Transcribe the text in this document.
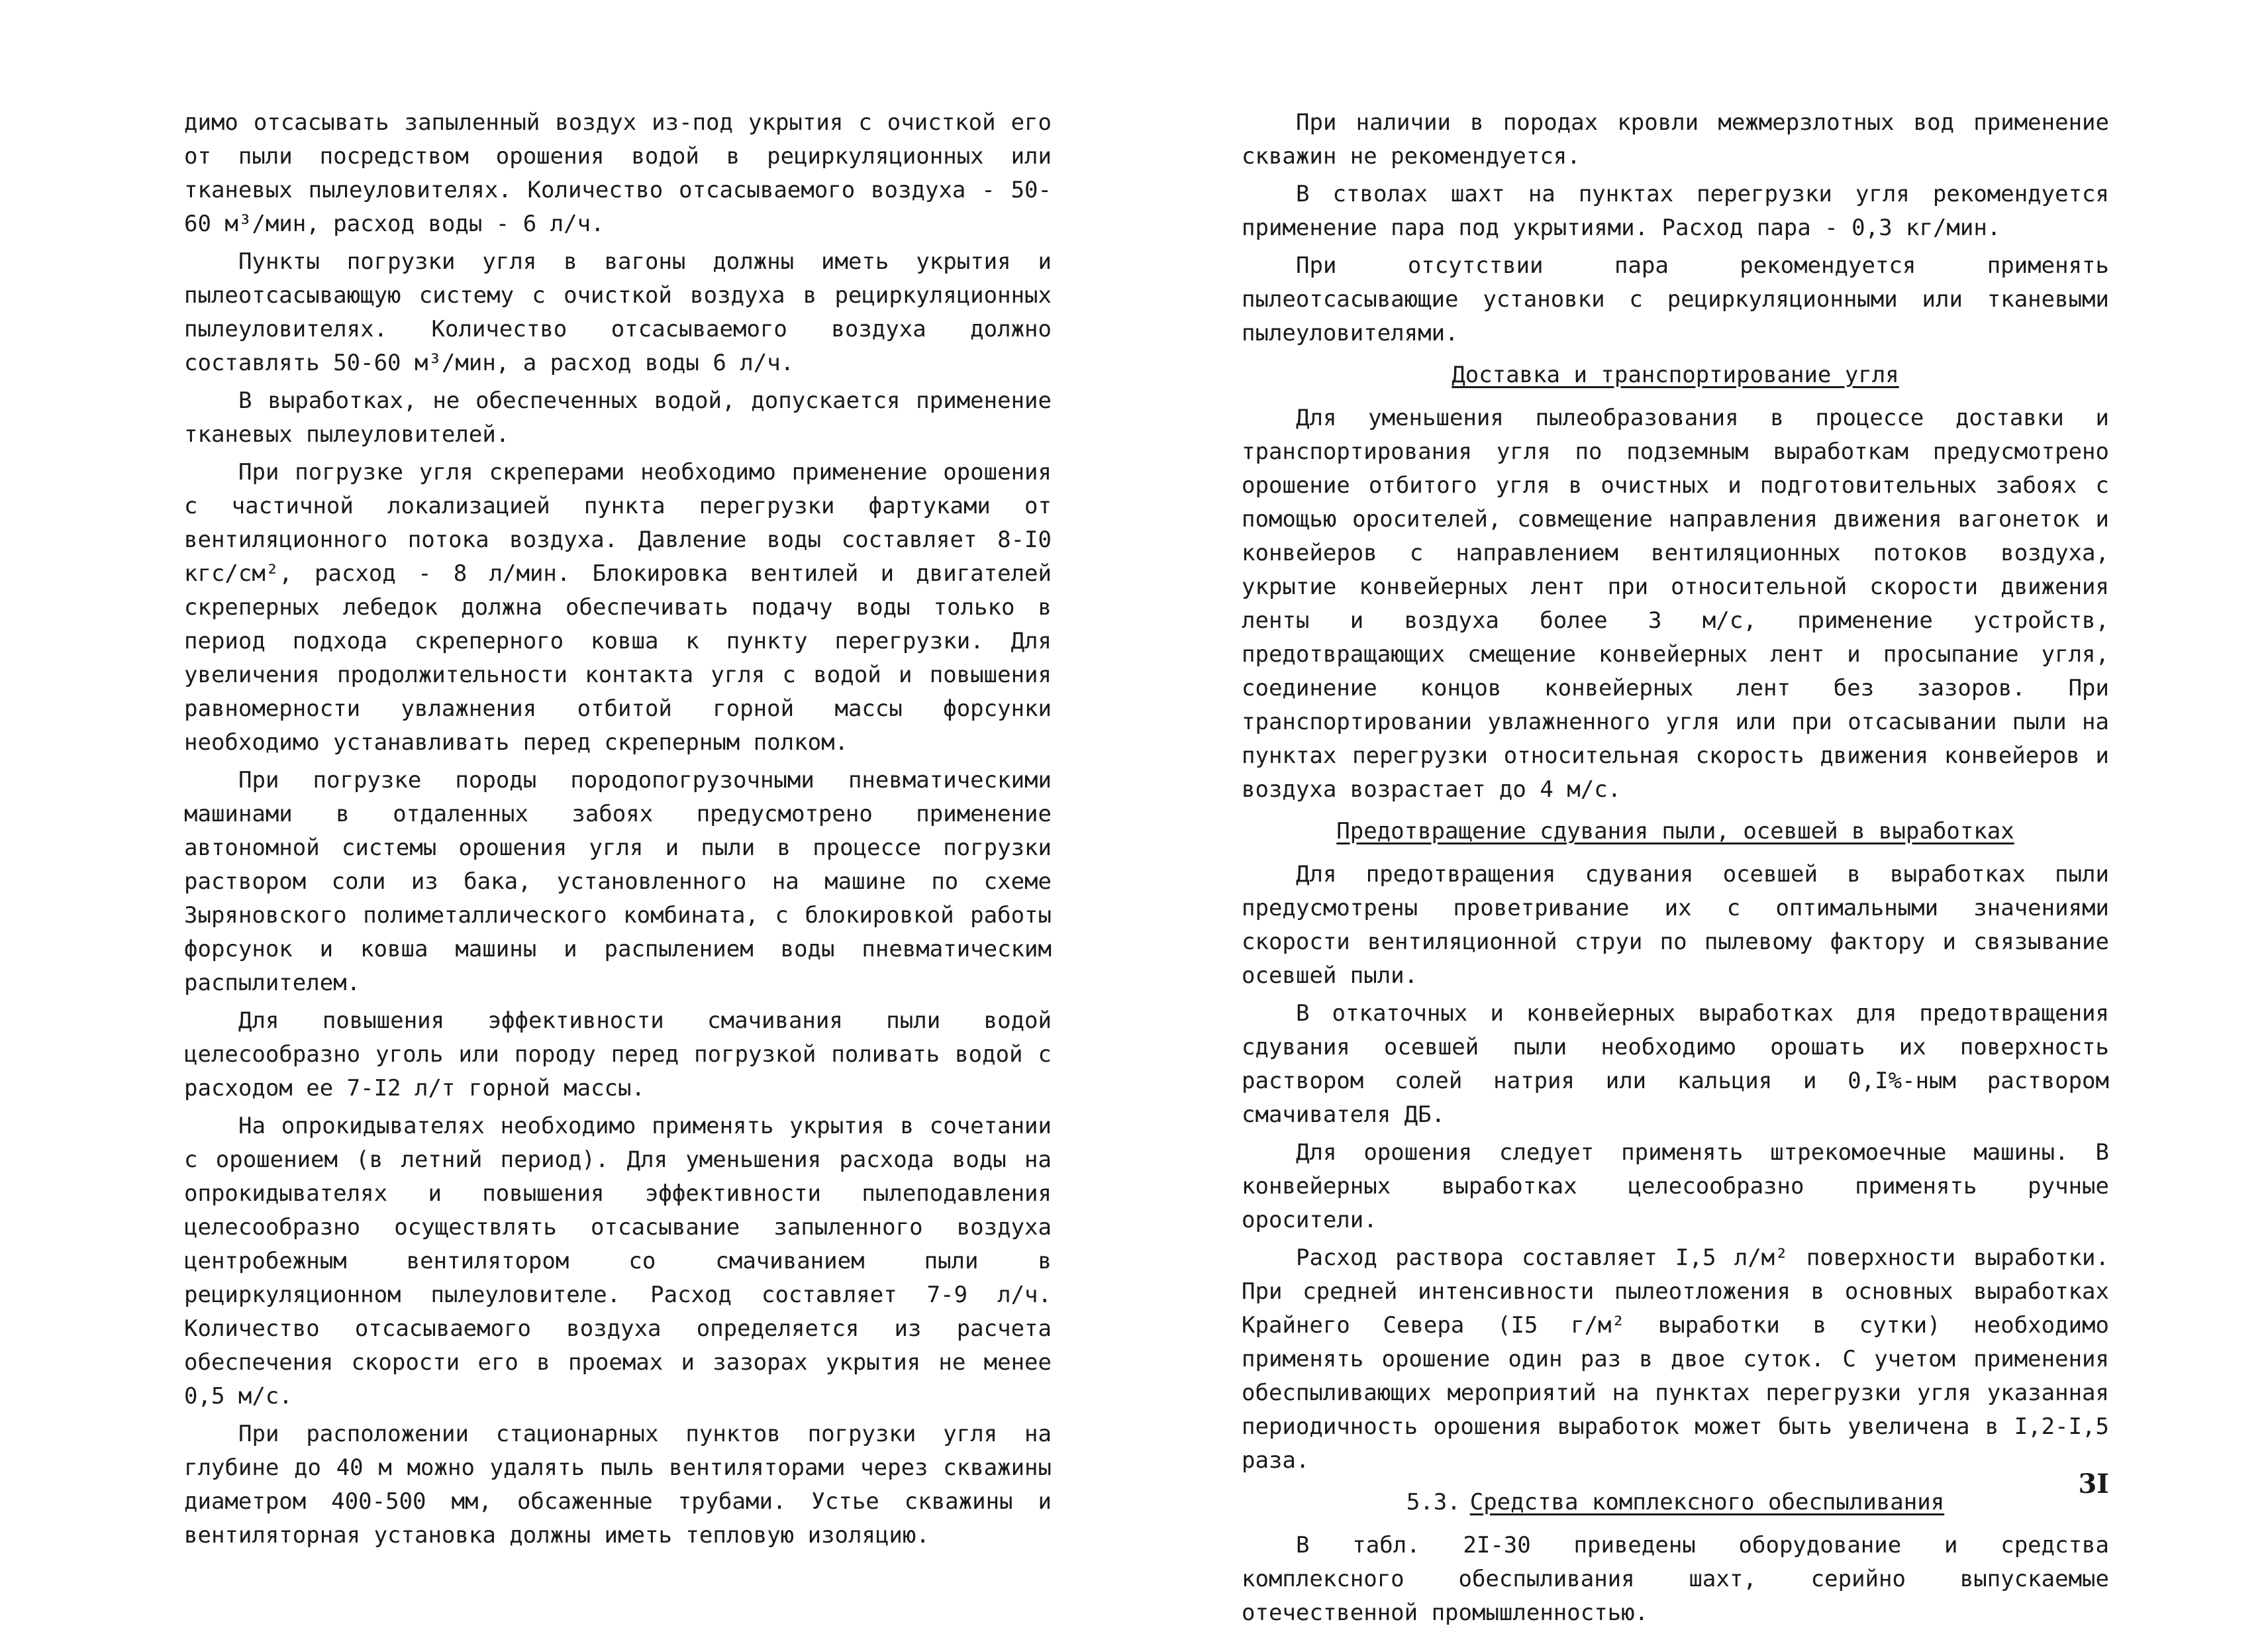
димо отсасывать запыленный воздух из-под укрытия с очисткой его от пыли посредством орошения водой в рециркуляционных или тканевых пылеуловителях. Количество отсасываемого воздуха - 50-60 м³/мин, расход воды - 6 л/ч.

Пункты погрузки угля в вагоны должны иметь укрытия и пылеотсасывающую систему с очисткой воздуха в рециркуляционных пылеуловителях. Количество отсасываемого воздуха должно составлять 50-60 м³/мин, а расход воды 6 л/ч.

В выработках, не обеспеченных водой, допускается применение тканевых пылеуловителей.

При погрузке угля скреперами необходимо применение орошения с частичной локализацией пункта перегрузки фартуками от вентиляционного потока воздуха. Давление воды составляет 8-I0 кгс/см², расход - 8 л/мин. Блокировка вентилей и двигателей скреперных лебедок должна обеспечивать подачу воды только в период подхода скреперного ковша к пункту перегрузки. Для увеличения продолжительности контакта угля с водой и повышения равномерности увлажнения отбитой горной массы форсунки необходимо устанавливать перед скреперным полком.

При погрузке породы породопогрузочными пневматическими машинами в отдаленных забоях предусмотрено применение автономной системы орошения угля и пыли в процессе погрузки раствором соли из бака, установленного на машине по схеме Зыряновского полиметаллического комбината, с блокировкой работы форсунок и ковша машины и распылением воды пневматическим распылителем.

Для повышения эффективности смачивания пыли водой целесообразно уголь или породу перед погрузкой поливать водой с расходом ее 7-I2 л/т горной массы.

На опрокидывателях необходимо применять укрытия в сочетании с орошением (в летний период). Для уменьшения расхода воды на опрокидывателях и повышения эффективности пылеподавления целесообразно осуществлять отсасывание запыленного воздуха центробежным вентилятором со смачиванием пыли в рециркуляционном пылеуловителе. Расход составляет 7-9 л/ч. Количество отсасываемого воздуха определяется из расчета обеспечения скорости его в проемах и зазорах укрытия не менее 0,5 м/с.

При расположении стационарных пунктов погрузки угля на глубине до 40 м можно удалять пыль вентиляторами через скважины диаметром 400-500 мм, обсаженные трубами. Устье скважины и вентиляторная установка должны иметь тепловую изоляцию.

При наличии в породах кровли межмерзлотных вод применение скважин не рекомендуется.

В стволах шахт на пунктах перегрузки угля рекомендуется применение пара под укрытиями. Расход пара - 0,3 кг/мин.

При отсутствии пара рекомендуется применять пылеотсасывающие установки с рециркуляционными или тканевыми пылеуловителями.

Доставка и транспортирование угля

Для уменьшения пылеобразования в процессе доставки и транспортирования угля по подземным выработкам предусмотрено орошение отбитого угля в очистных и подготовительных забоях с помощью оросителей, совмещение направления движения вагонеток и конвейеров с направлением вентиляционных потоков воздуха, укрытие конвейерных лент при относительной скорости движения ленты и воздуха более 3 м/с, применение устройств, предотвращающих смещение конвейерных лент и просыпание угля, соединение концов конвейерных лент без зазоров. При транспортировании увлажненного угля или при отсасывании пыли на пунктах перегрузки относительная скорость движения конвейеров и воздуха возрастает до 4 м/с.

Предотвращение сдувания пыли, осевшей в выработках

Для предотвращения сдувания осевшей в выработках пыли предусмотрены проветривание их с оптимальными значениями скорости вентиляционной струи по пылевому фактору и связывание осевшей пыли.

В откаточных и конвейерных выработках для предотвращения сдувания осевшей пыли необходимо орошать их поверхность раствором солей натрия или кальция и 0,I%-ным раствором смачивателя ДБ.

Для орошения следует применять штрекомоечные машины. В конвейерных выработках целесообразно применять ручные оросители.

Расход раствора составляет I,5 л/м² поверхности выработки. При средней интенсивности пылеотложения в основных выработках Крайнего Севера (I5 г/м² выработки в сутки) необходимо применять орошение один раз в двое суток. С учетом применения обеспыливающих мероприятий на пунктах перегрузки угля указанная периодичность орошения выработок может быть увеличена в I,2-I,5 раза.

5.3. Средства комплексного обеспыливания

В табл. 2I-30 приведены оборудование и средства комплексного обеспыливания шахт, серийно выпускаемые отечественной промышленностью.

3I
